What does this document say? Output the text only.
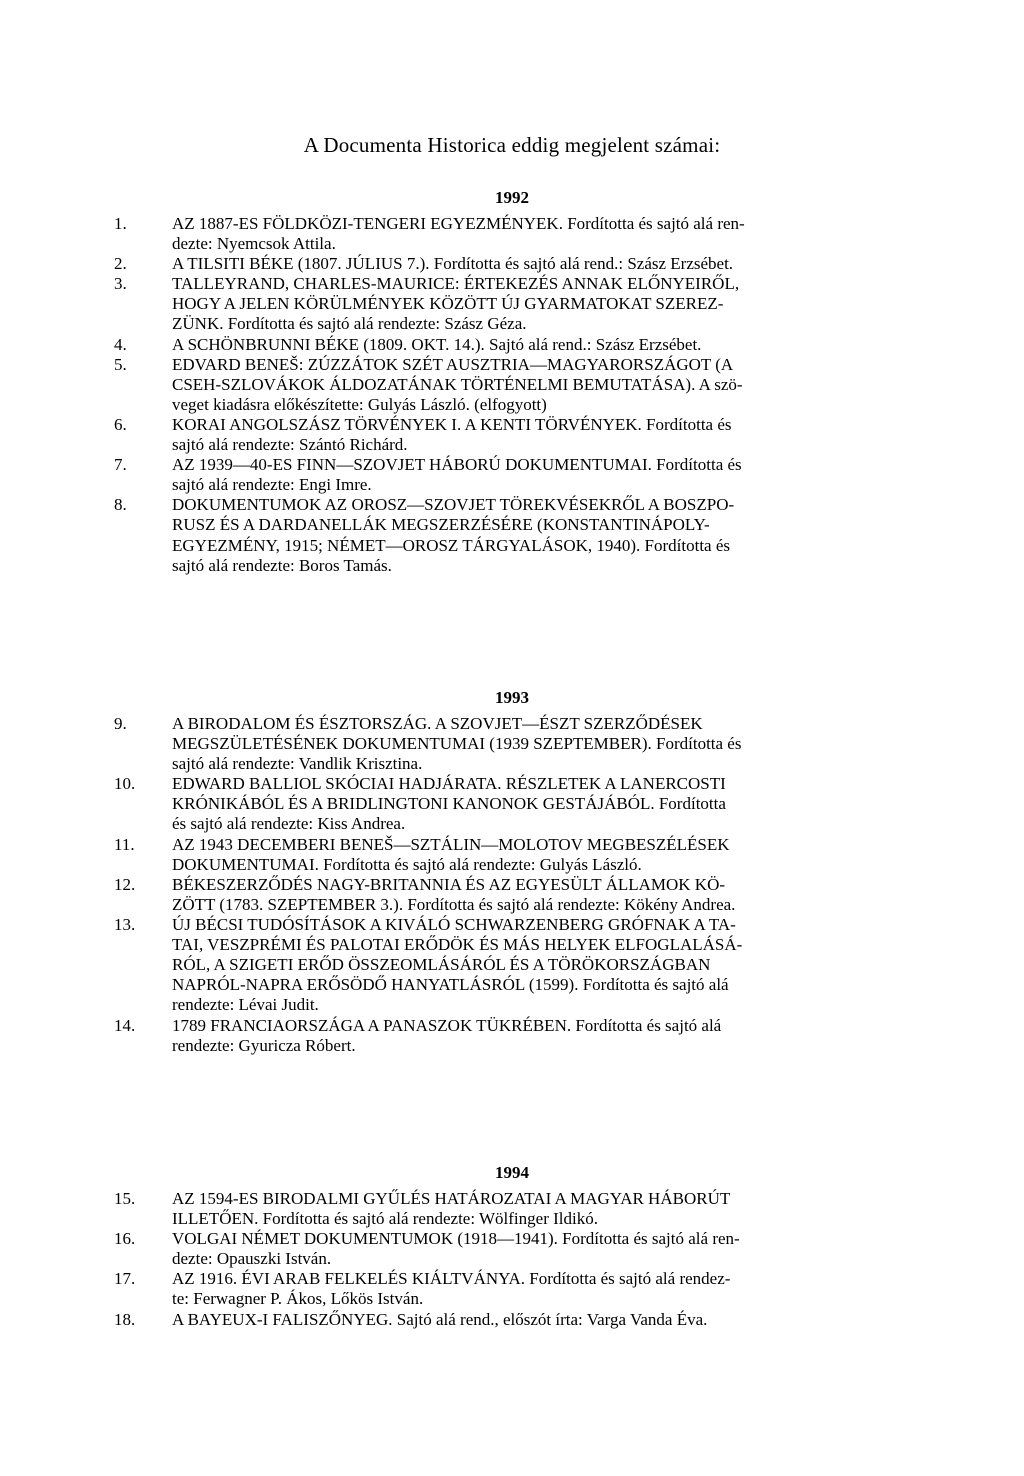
A Documenta Historica eddig megjelent számai:
1992
1.	AZ 1887-ES FÖLDKÖZI-TENGERI EGYEZMÉNYEK. Fordította és sajtó alá ren-
dezte: Nyemcsok Attila.
2.	A TILSITI BÉKE (1807. JÚLIUS 7.). Fordította és sajtó alá rend.: Szász Erzsébet.
3.	TALLEYRAND, CHARLES-MAURICE: ÉRTEKEZÉS ANNAK ELŐNYEIRŐL,
HOGY A JELEN KÖRÜLMÉNYEK KÖZÖTT ÚJ GYARMATOKAT SZEREZ-
ZÜNK. Fordította és sajtó alá rendezte: Szász Géza.
4.	A SCHÖNBRUNNI BÉKE (1809. OKT. 14.). Sajtó alá rend.: Szász Erzsébet.
5.	EDVARD BENEŠ: ZÚZZÁTOK SZÉT AUSZTRIA—MAGYARORSZÁGOT (A
CSEH-SZLOVÁKOK ÁLDOZATÁNAK TÖRTÉNELMI BEMUTATÁSA). A szö-
veget kiadásra előkészítette: Gulyás László. (elfogyott)
6.	KORAI ANGOLSZÁSZ TÖRVÉNYEK I. A KENTI TÖRVÉNYEK. Fordította és
sajtó alá rendezte: Szántó Richárd.
7.	AZ 1939—40-ES FINN—SZOVJET HÁBORÚ DOKUMENTUMAI. Fordította és
sajtó alá rendezte: Engi Imre.
8.	DOKUMENTUMOK AZ OROSZ—SZOVJET TÖREKVÉSEKRŐL A BOSZPO-
RUSZ ÉS A DARDANELLÁK MEGSZERZÉSÉRE (KONSTANTINÁPOLY-
EGYEZMÉNY, 1915; NÉMET—OROSZ TÁRGYALÁSOK, 1940). Fordította és
sajtó alá rendezte: Boros Tamás.
1993
9.	A BIRODALOM ÉS ÉSZTORSZÁG. A SZOVJET—ÉSZT SZERZŐDÉSEK
MEGSZÜLETÉSÉNEK DOKUMENTUMAI (1939 SZEPTEMBER). Fordította és
sajtó alá rendezte: Vandlik Krisztina.
10.	EDWARD BALLIOL SKÓCIAI HADJÁRATA. RÉSZLETEK A LANERCOSTI
KRÓNIKÁBÓL ÉS A BRIDLINGTONI KANONOK GESTÁJÁBÓL. Fordította
és sajtó alá rendezte: Kiss Andrea.
11.	AZ 1943 DECEMBERI BENEŠ—SZTÁLIN—MOLOTOV MEGBESZÉLÉSEK
DOKUMENTUMAI. Fordította és sajtó alá rendezte: Gulyás László.
12.	BÉKESZERZŐDÉS NAGY-BRITANNIA ÉS AZ EGYESÜLT ÁLLAMOK KÖ-
ZÖTT (1783. SZEPTEMBER 3.). Fordította és sajtó alá rendezte: Kökény Andrea.
13.	ÚJ BÉCSI TUDÓSÍTÁSOK A KIVÁLÓ SCHWARZENBERG GRÓFNAK A TA-
TAI, VESZPRÉMI ÉS PALOTAI ERŐDÖK ÉS MÁS HELYEK ELFOGLALÁSÁ-
RÓL, A SZIGETI ERŐD ÖSSZEOMLÁSÁRÓL ÉS A TÖRÖKORSZÁGBAN
NAPRÓL-NAPRA ERŐSÖDŐ HANYATLÁSRÓL (1599). Fordította és sajtó alá
rendezte: Lévai Judit.
14.	1789 FRANCIAORSZÁGA A PANASZOK TÜKRÉBEN. Fordította és sajtó alá
rendezte: Gyuricza Róbert.
1994
15.	AZ 1594-ES BIRODALMI GYŰLÉS HATÁROZATAI A MAGYAR HÁBORÚT
ILLETŐEN. Fordította és sajtó alá rendezte: Wölfinger Ildikó.
16.	VOLGAI NÉMET DOKUMENTUMOK (1918—1941). Fordította és sajtó alá ren-
dezte: Opauszki István.
17.	AZ 1916. ÉVI ARAB FELKELÉS KIÁLTVÁNYA. Fordította és sajtó alá rendez-
te: Ferwagner P. Ákos, Lőkös István.
18.	A BAYEUX-I FALISZŐNYEG. Sajtó alá rend., előszót írta: Varga Vanda Éva.
